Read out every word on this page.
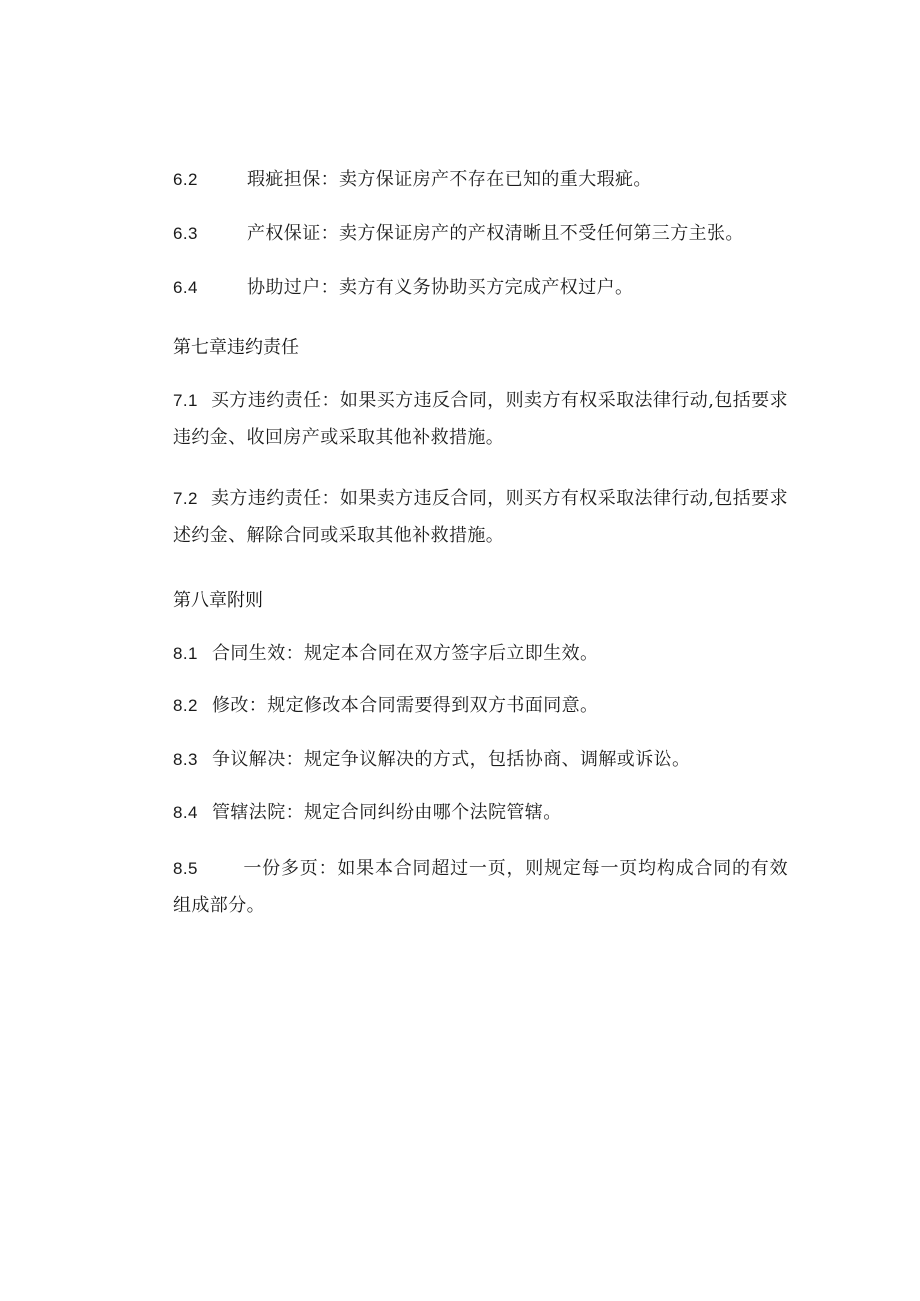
6.2	瑕疵担保：卖方保证房产不存在已知的重大瑕疵。
6.3	产权保证：卖方保证房产的产权清晰且不受任何第三方主张。
6.4	协助过户：卖方有义务协助买方完成产权过户。
第七章违约责任
7.1 买方违约责任：如果买方违反合同，则卖方有权采取法律行动,包括要求违约金、收回房产或采取其他补救措施。
7.2 卖方违约责任：如果卖方违反合同，则买方有权采取法律行动,包括要求述约金、解除合同或采取其他补救措施。
第八章附则
8.1 合同生效：规定本合同在双方签字后立即生效。
8.2 修改：规定修改本合同需要得到双方书面同意。
8.3 争议解决：规定争议解决的方式，包括协商、调解或诉讼。
8.4 管辖法院：规定合同纠纷由哪个法院管辖。
8.5	一份多页：如果本合同超过一页，则规定每一页均构成合同的有效组成部分。
